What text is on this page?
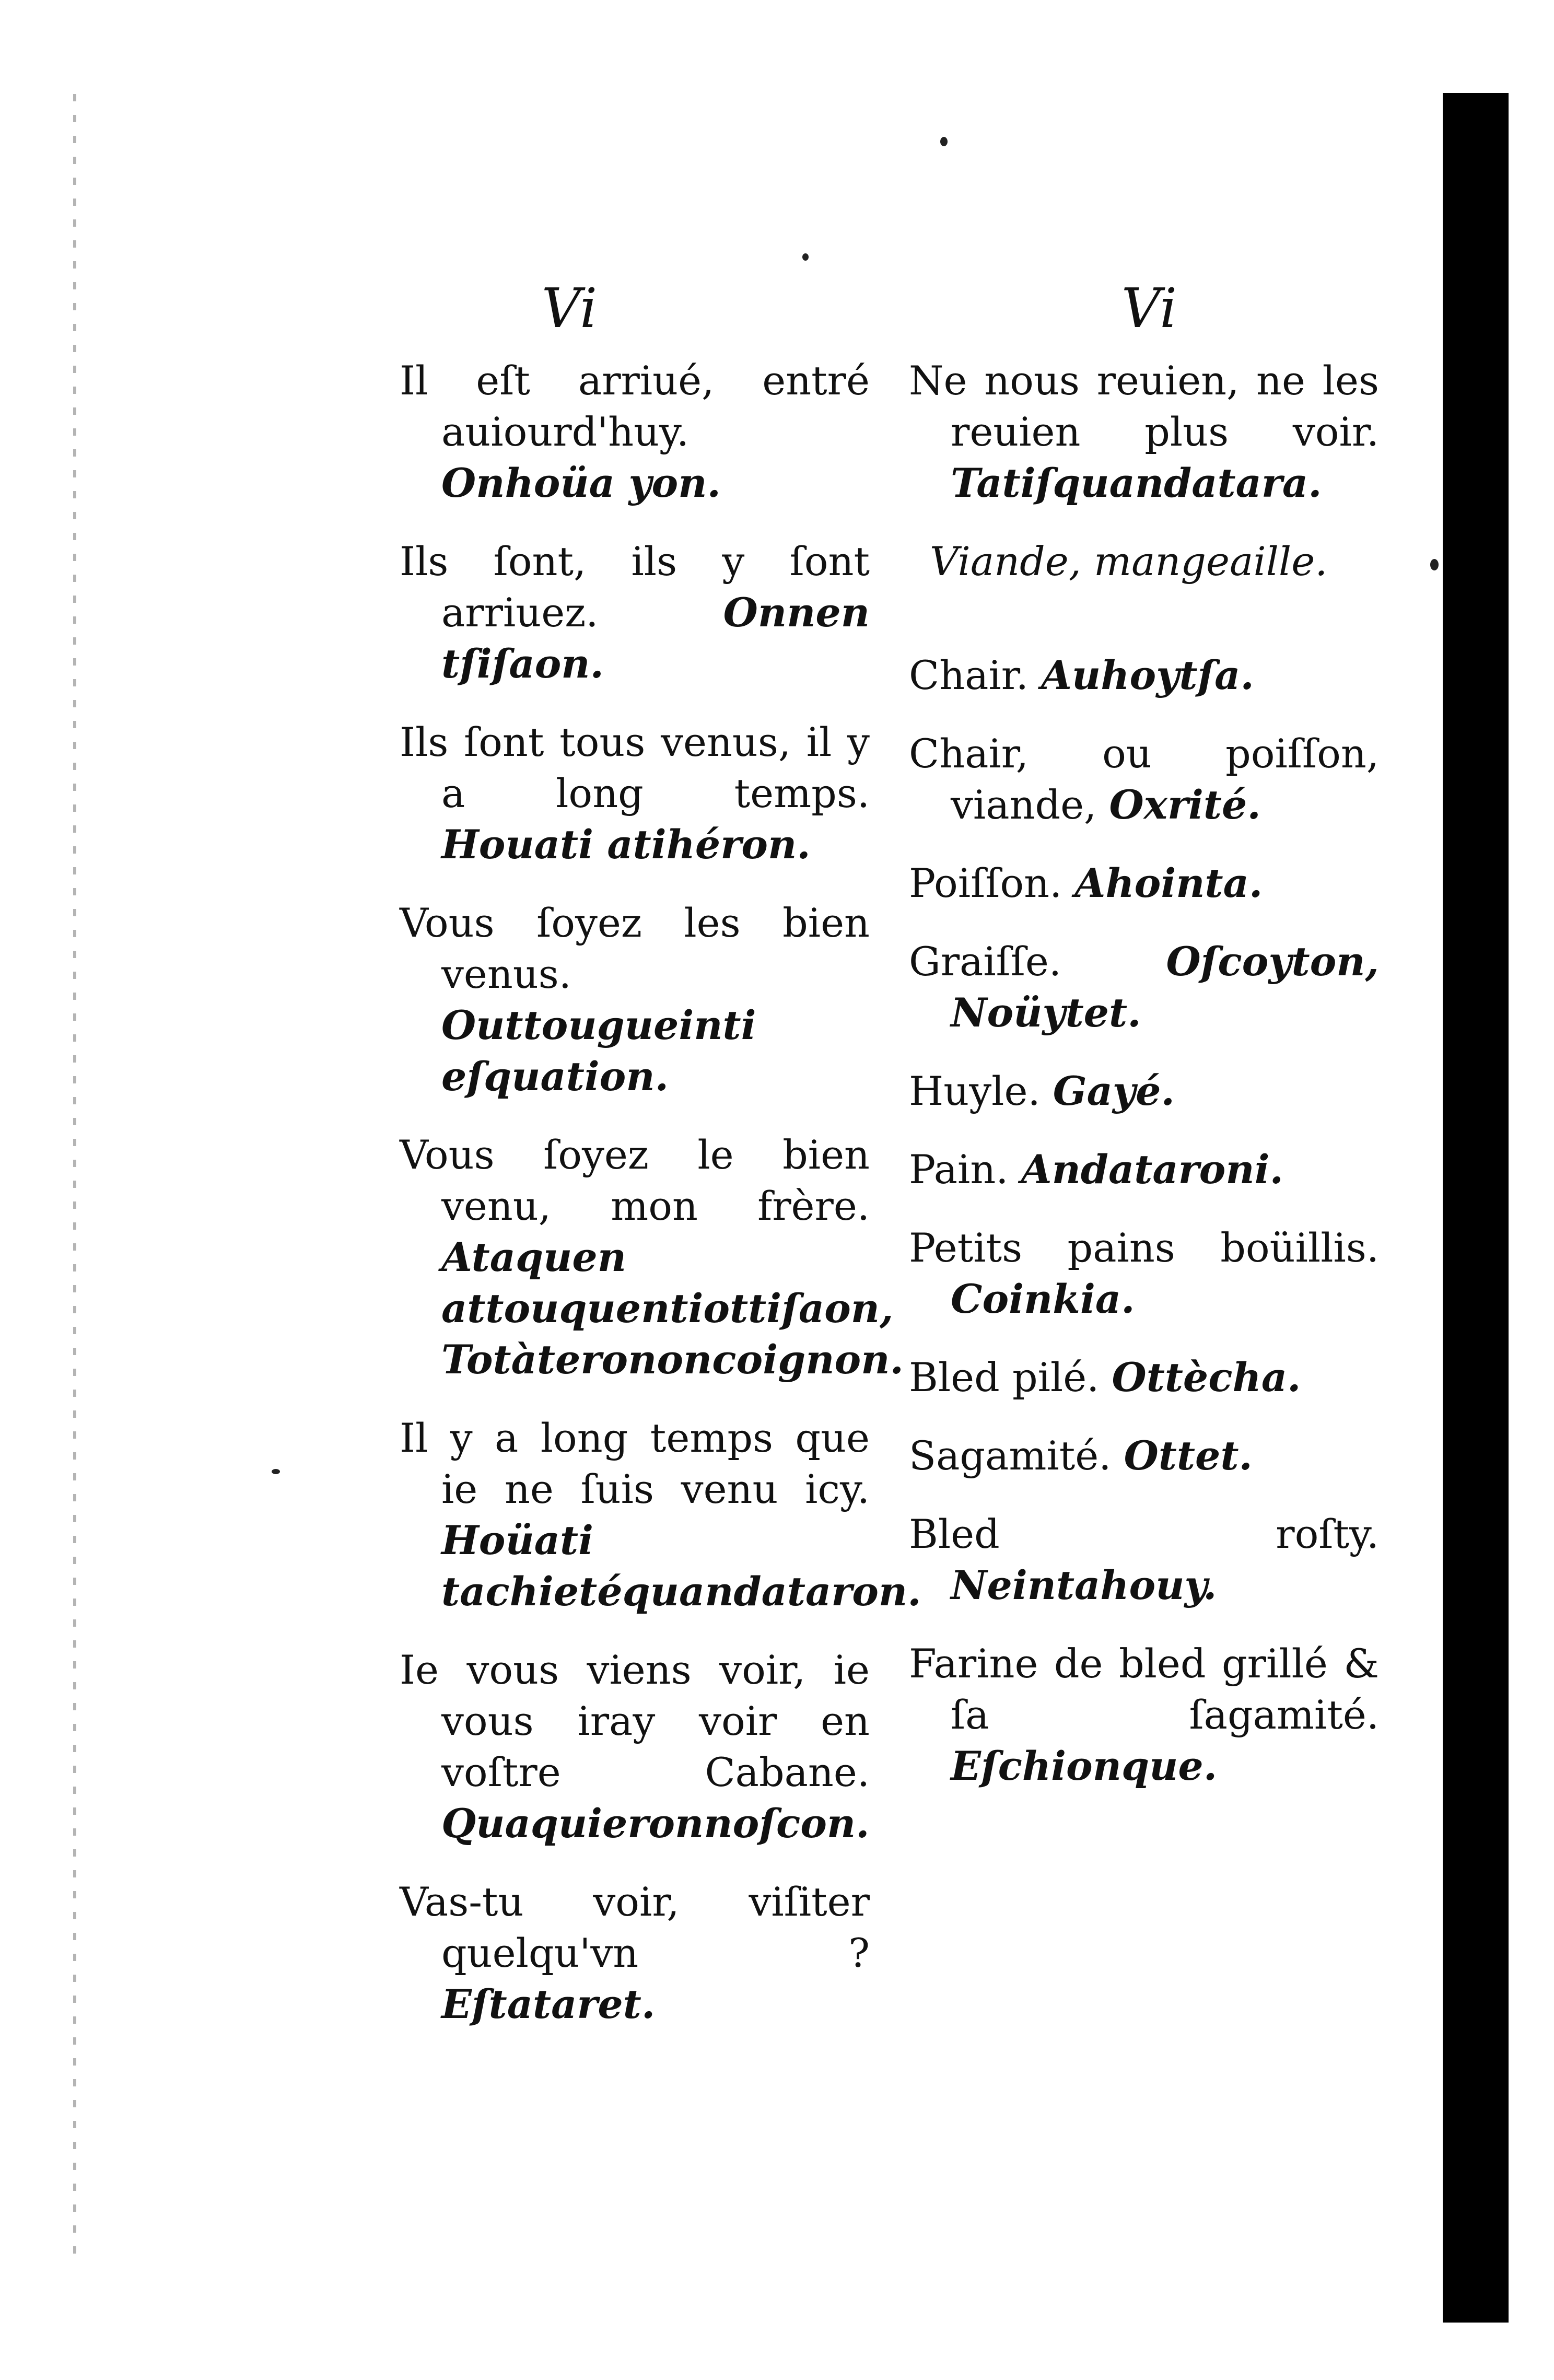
Vi	Vi
Il eſt arriué, entré auiourd'huy. Onhoüa yon.
Ils ſont, ils y ſont arriuez.	Onnen tſiſaon.
Ils ſont tous venus, il y a long temps. Houati atihéron.
Vous ſoyez les bien venus. Outtougueinti eſquation.
Vous ſoyez le bien venu, mon frère. Ataquen attouquentiottiſaon, Totàterononcoignon.
Il y a long temps que ie ne ſuis venu icy. Hoüati tachietéquandataron.
Ie vous viens voir, ie vous iray voir en voſtre Cabane. Quaquieronnoſcon.
Vas-tu voir, viſiter quelqu'vn ? Eſtataret.
Ne nous reuien, ne les reuien plus voir. Tatiſquandatara.
Viande, mangeaille.
Chair. Auhoytſa.
Chair, ou poiſſon, viande, Oxrité.
Poiſſon. Ahointa.
Graiſſe.	Oſcoyton, Noüytet.
Huyle. Gayé.
Pain. Andataroni.
Petits pains boüillis. Coinkia.
Bled pilé. Ottècha.
Sagamité. Ottet.
Bled roſty. Neintahouy.
Farine de bled grillé & ſa ſagamité. Eſchionque.
